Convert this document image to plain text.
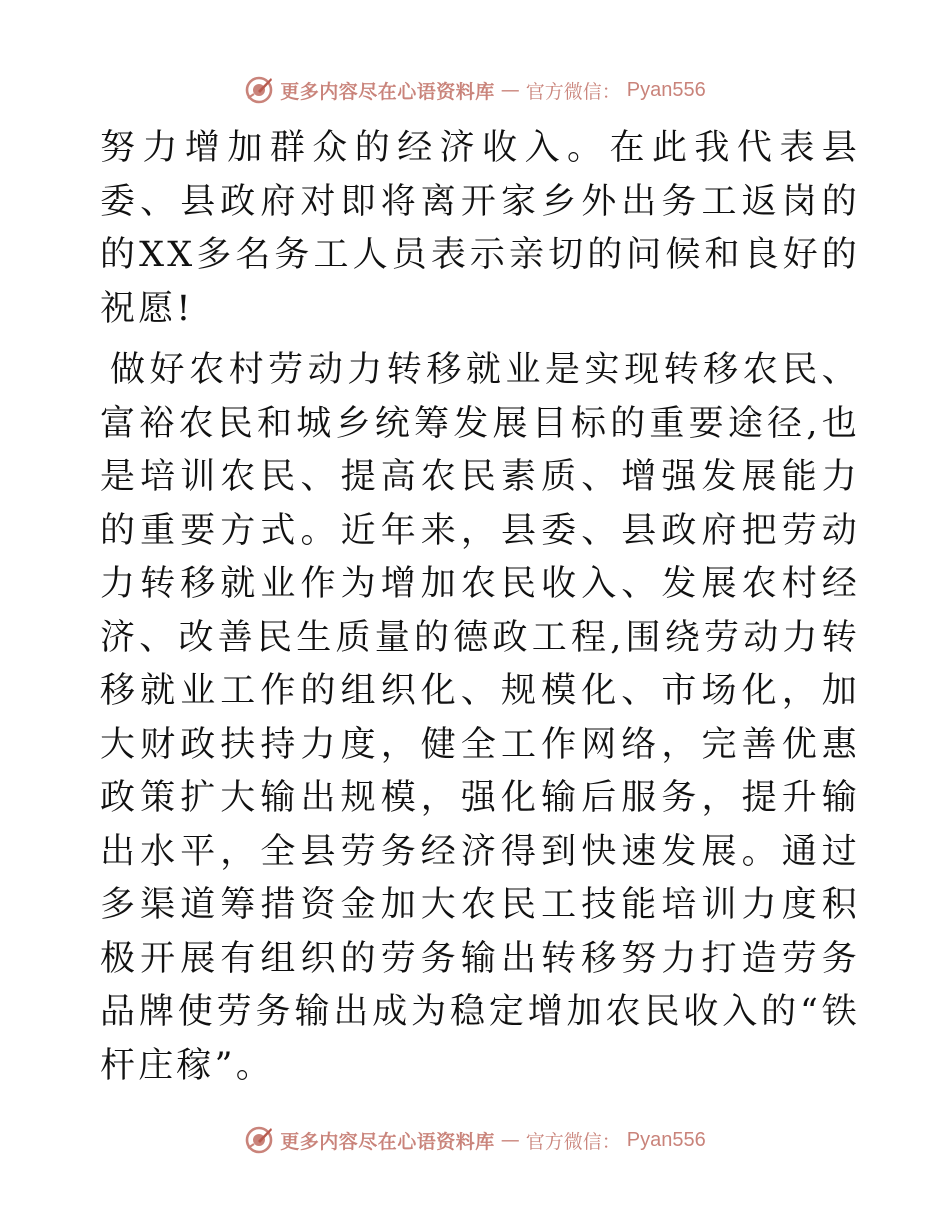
更多内容尽在心语资料库 — 官方微信： Pyan556

努力增加群众的经济收入。在此我代表县委、县政府对即将离开家乡外出务工返岗的的XX多名务工人员表示亲切的问候和良好的祝愿!

做好农村劳动力转移就业是实现转移农民、富裕农民和城乡统筹发展目标的重要途径,也是培训农民、提高农民素质、增强发展能力的重要方式。近年来，县委、县政府把劳动力转移就业作为增加农民收入、发展农村经济、改善民生质量的德政工程,围绕劳动力转移就业工作的组织化、规模化、市场化，加大财政扶持力度，健全工作网络，完善优惠政策扩大输出规模，强化输后服务，提升输出水平，全县劳务经济得到快速发展。通过多渠道筹措资金加大农民工技能培训力度积极开展有组织的劳务输出转移努力打造劳务品牌使劳务输出成为稳定增加农民收入的“铁杆庄稼”。

更多内容尽在心语资料库 — 官方微信： Pyan556
